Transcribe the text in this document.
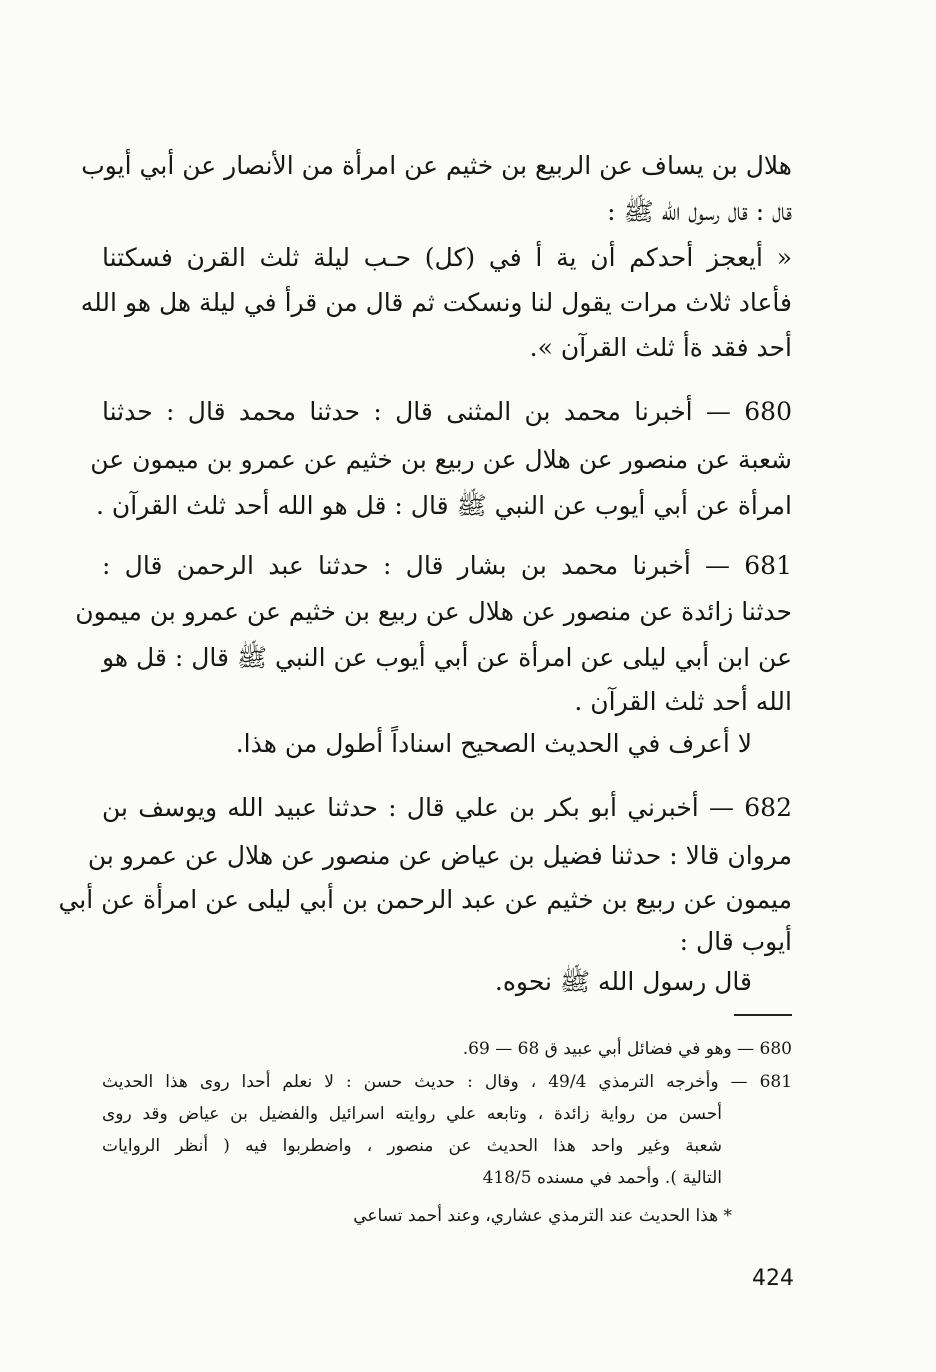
هلال بن يساف عن الربيع بن خثيم عن امرأة من الأنصار عن أبي أيوب
قال : قال رسول الله ﷺ :
« أيعجز أحدكم أن ية أ في (كل) حـب ليلة ثلث القرن فسكتنا
فأعاد ثلاث مرات يقول لنا ونسكت ثم قال من قرأ في ليلة هل هو الله
أحد فقد ةأ ثلث القرآن ».
680 — أخبرنا محمد بن المثنى قال : حدثنا محمد قال : حدثنا
شعبة عن منصور عن هلال عن ربيع بن خثيم عن عمرو بن ميمون عن
امرأة عن أبي أيوب عن النبي ﷺ قال : قل هو الله أحد ثلث القرآن .
681 — أخبرنا محمد بن بشار قال : حدثنا عبد الرحمن قال :
حدثنا زائدة عن منصور عن هلال عن ربيع بن خثيم عن عمرو بن ميمون
عن ابن أبي ليلى عن امرأة عن أبي أيوب عن النبي ﷺ قال : قل هو
الله أحد ثلث القرآن .
لا أعرف في الحديث الصحيح اسناداً أطول من هذا.
682 — أخبرني أبو بكر بن علي قال : حدثنا عبيد الله ويوسف بن
مروان قالا : حدثنا فضيل بن عياض عن منصور عن هلال عن عمرو بن
ميمون عن ربيع بن خثيم عن عبد الرحمن بن أبي ليلى عن امرأة عن أبي
أيوب قال :
قال رسول الله ﷺ نحوه.
680 — وهو في فضائل أبي عبيد ق 68 — 69.
681 — وأخرجه الترمذي 49/4 ، وقال : حديث حسن : لا نعلم أحدا روى هذا الحديث
أحسن من رواية زائدة ، وتابعه علي روايته اسرائيل والفضيل بن عياض وقد روى
شعبة وغير واحد هذا الحديث عن منصور ، واضطربوا فيه ( أنظر الروايات
التالية ). وأحمد في مسنده 418/5
* هذا الحديث عند الترمذي عشاري، وعند أحمد تساعي
424
